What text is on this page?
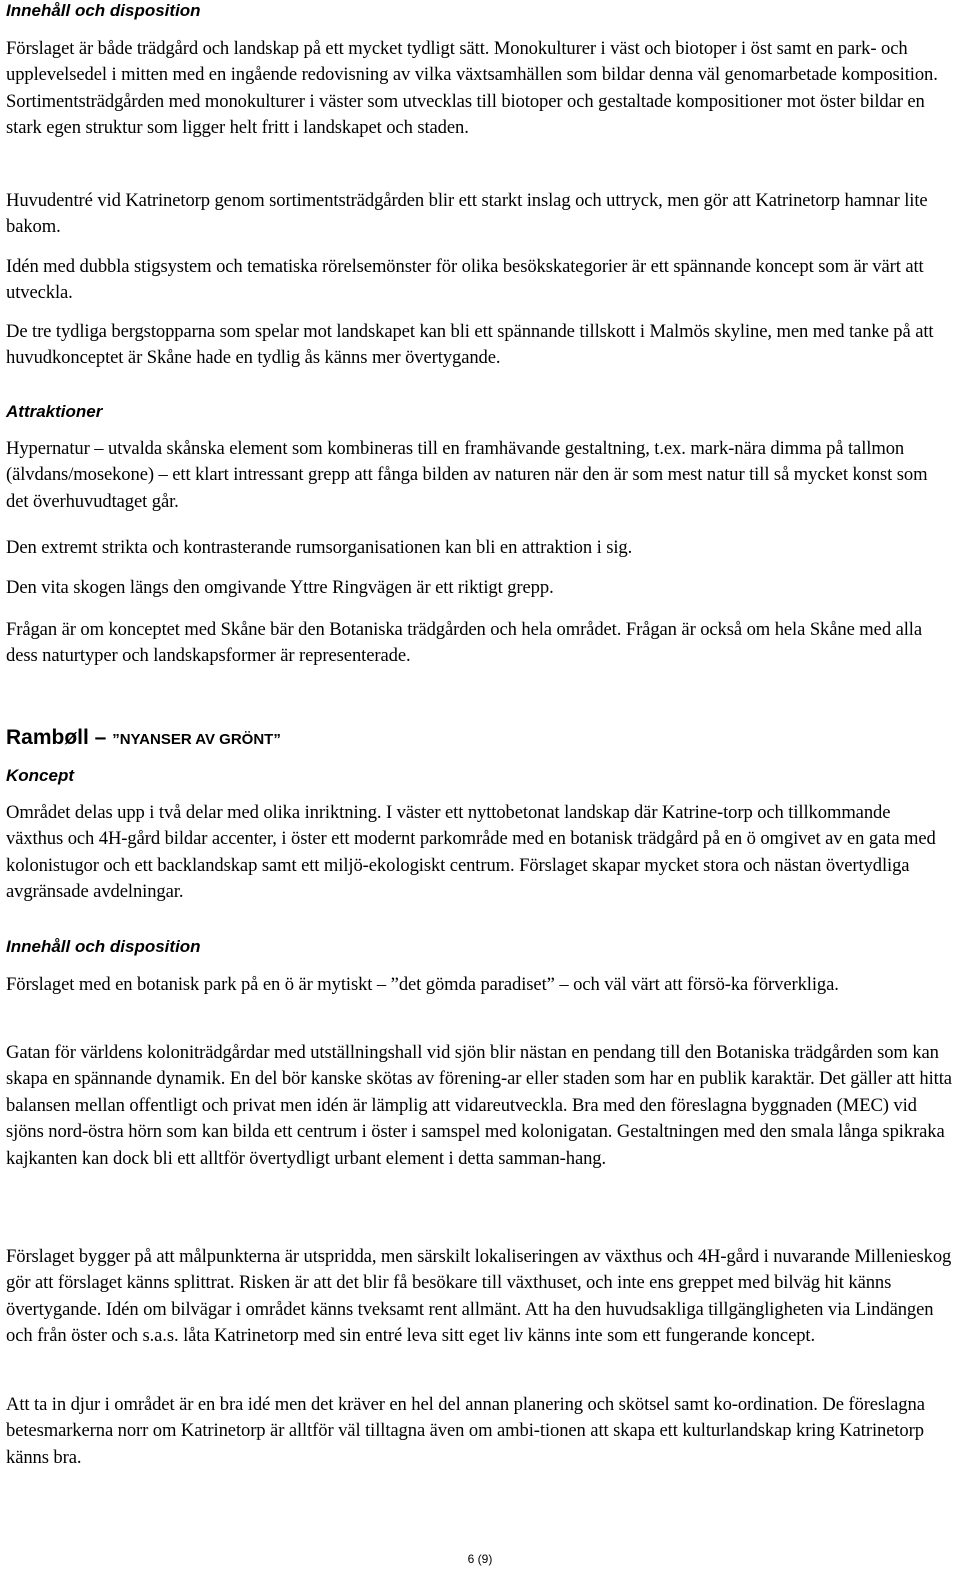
Innehåll och disposition

Förslaget är både trädgård och landskap på ett mycket tydligt sätt. Monokulturer i väst och biotoper i öst samt en park- och upplevelsedel i mitten med en ingående redovisning av vilka växtsamhällen som bildar denna väl genomarbetade komposition. Sortimentsträdgården med monokulturer i väster som utvecklas till biotoper och gestaltade kompositioner mot öster bildar en stark egen struktur som ligger helt fritt i landskapet och staden.

Huvudentré vid Katrinetorp genom sortimentsträdgården blir ett starkt inslag och uttryck, men gör att Katrinetorp hamnar lite bakom.

Idén med dubbla stigsystem och tematiska rörelsemönster för olika besökskategorier är ett spännande koncept som är värt att utveckla.

De tre tydliga bergstopparna som spelar mot landskapet kan bli ett spännande tillskott i Malmös skyline, men med tanke på att huvudkonceptet är Skåne hade en tydlig ås känns mer övertygande.

Attraktioner

Hypernatur – utvalda skånska element som kombineras till en framhävande gestaltning, t.ex. mark-nära dimma på tallmon (älvdans/mosekone) – ett klart intressant grepp att fånga bilden av naturen när den är som mest natur till så mycket konst som det överhuvudtaget går.

Den extremt strikta och kontrasterande rumsorganisationen kan bli en attraktion i sig.

Den vita skogen längs den omgivande Yttre Ringvägen är ett riktigt grepp.

Frågan är om konceptet med Skåne bär den Botaniska trädgården och hela området. Frågan är också om hela Skåne med alla dess naturtyper och landskapsformer är representerade.

Rambøll – ”NYANSER AV GRÖNT”
Koncept

Området delas upp i två delar med olika inriktning. I väster ett nyttobetonat landskap där Katrine-torp och tillkommande växthus och 4H-gård bildar accenter, i öster ett modernt parkområde med en botanisk trädgård på en ö omgivet av en gata med kolonistugor och ett backlandskap samt ett miljö-ekologiskt centrum. Förslaget skapar mycket stora och nästan övertydliga avgränsade avdelningar.

Innehåll och disposition

Förslaget med en botanisk park på en ö är mytiskt – ”det gömda paradiset” – och väl värt att försö-ka förverkliga.

Gatan för världens koloniträdgårdar med utställningshall vid sjön blir nästan en pendang till den Botaniska trädgården som kan skapa en spännande dynamik. En del bör kanske skötas av förening-ar eller staden som har en publik karaktär. Det gäller att hitta balansen mellan offentligt och privat men idén är lämplig att vidareutveckla. Bra med den föreslagna byggnaden (MEC) vid sjöns nord-östra hörn som kan bilda ett centrum i öster i samspel med kolonigatan. Gestaltningen med den smala långa spikraka kajkanten kan dock bli ett alltför övertydligt urbant element i detta samman-hang.

Förslaget bygger på att målpunkterna är utspridda, men särskilt lokaliseringen av växthus och 4H-gård i nuvarande Millenieskog gör att förslaget känns splittrat. Risken är att det blir få besökare till växthuset, och inte ens greppet med bilväg hit känns övertygande. Idén om bilvägar i området känns tveksamt rent allmänt. Att ha den huvudsakliga tillgängligheten via Lindängen och från öster och s.a.s. låta Katrinetorp med sin entré leva sitt eget liv känns inte som ett fungerande koncept.

Att ta in djur i området är en bra idé men det kräver en hel del annan planering och skötsel samt ko-ordination. De föreslagna betesmarkerna norr om Katrinetorp är alltför väl tilltagna även om ambi-tionen att skapa ett kulturlandskap kring Katrinetorp känns bra.

6 (9)
